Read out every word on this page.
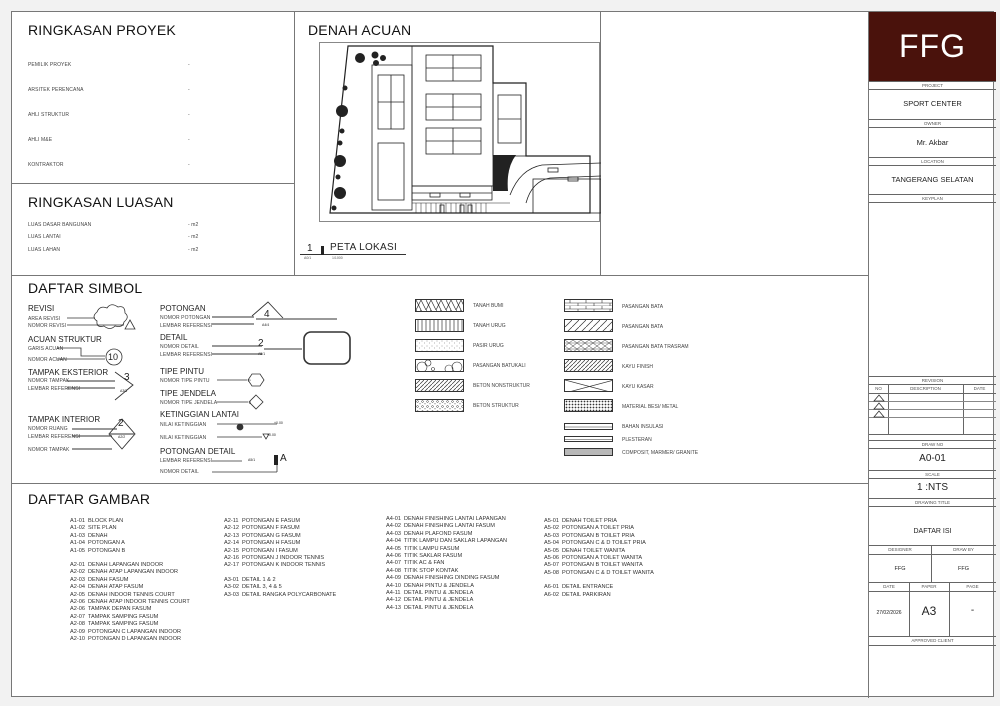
RINGKASAN PROYEK
PEMILIK PROYEK	-
ARSITEK PERENCANA	-
AHLI STRUKTUR	-
AHLI M&E	-
KONTRAKTOR	-
RINGKASAN LUASAN
LUAS DASAR BANGUNAN	- m2
LUAS LANTAI	- m2
LUAS LAHAN	- m2
DENAH ACUAN
1 PETA LOKASI
A0/1	1/1000
DAFTAR SIMBOL
REVISI
AREA REVISI
NOMOR REVISI
ACUAN STRUKTUR
GARIS ACUAN
NOMOR ACUAN	10
TAMPAK EKSTERIOR
NOMOR TAMPAK
LEMBAR REFERENSI
3
A3/3
TAMPAK INTERIOR
NOMOR RUANG
LEMBAR REFERENSI
NOMOR TAMPAK
2
A2/2
POTONGAN
NOMOR POTONGAN
LEMBAR REFERENSI
4
A4/4
DETAIL
NOMOR DETAIL
LEMBAR REFERENSI
2
A5/1
TIPE PINTU
NOMOR TIPE PINTU	P
TIPE JENDELA
NOMOR TIPE JENDELA	J
KETINGGIAN LANTAI
NILAI KETINGGIAN
NILAI KETINGGIAN
+0.00
+0.00
POTONGAN DETAIL
LEMBAR REFERENSI
NOMOR DETAIL
A5/1 A
TANAH BUMI
TANAH URUG
PASIR URUG
PASANGAN BATUKALI
BETON NONSTRUKTUR
BETON STRUKTUR
PASANGAN BATA
PASANGAN BATA
PASANGAN BATA TRASRAM
KAYU FINISH
KAYU KASAR
MATERIAL BESI/ METAL
BAHAN INSULASI
PLESTERAN
COMPOSIT, MARMER/ GRANITE
DAFTAR GAMBAR
A1-01 BLOCK PLAN
A1-02 SITE PLAN
A1-03 DENAH
A1-04 POTONGAN A
A1-05 POTONGAN B
A2-01 DENAH LAPANGAN INDOOR
A2-02 DENAH ATAP LAPANGAN INDOOR
A2-03 DENAH FASUM
A2-04 DENAH ATAP FASUM
A2-05 DENAH INDOOR TENNIS COURT
A2-06 DENAH ATAP INDOOR TENNIS COURT
A2-06 TAMPAK DEPAN FASUM
A2-07 TAMPAK SAMPING FASUM
A2-08 TAMPAK SAMPING FASUM
A2-09 POTONGAN C LAPANGAN INDOOR
A2-10 POTONGAN D LAPANGAN INDOOR
A2-11 POTONGAN E FASUM
A2-12 POTONGAN F FASUM
A2-13 POTONGAN G FASUM
A2-14 POTONGAN H FASUM
A2-15 POTONGAN I FASUM
A2-16 POTONGAN J INDOOR TENNIS
A2-17 POTONGAN K INDOOR TENNIS
A3-01 DETAIL 1 & 2
A3-02 DETAIL 3, 4 & 5
A3-03 DETAIL RANGKA POLYCARBONATE
A4-01 DENAH FINISHING LANTAI LAPANGAN
A4-02 DENAH FINISHING LANTAI FASUM
A4-03 DENAH PLAFOND FASUM
A4-04 TITIK LAMPU DAN SAKLAR LAPANGAN
A4-05 TITIK LAMPU FASUM
A4-06 TITIK SAKLAR FASUM
A4-07 TITIK AC & FAN
A4-08 TITIK STOP KONTAK
A4-09 DENAH FINISHING DINDING FASUM
A4-10 DENAH PINTU & JENDELA
A4-11 DETAIL PINTU & JENDELA
A4-12 DETAIL PINTU & JENDELA
A4-13 DETAIL PINTU & JENDELA
A5-01 DENAH TOILET PRIA
A5-02 POTONGAN A TOILET PRIA
A5-03 POTONGAN B TOILET PRIA
A5-04 POTONGAN C & D TOILET PRIA
A5-05 DENAH TOILET WANITA
A5-06 POTONGAN A TOILET WANITA
A5-07 POTONGAN B TOILET WANITA
A5-08 POTONGAN C & D TOILET WANITA
A6-01 DETAIL ENTRANCE
A6-02 DETAIL PARKIRAN
FFG
PROJECT
SPORT CENTER
OWNER
Mr. Akbar
LOCATION
TANGERANG SELATAN
KEYPLAN
REVISION
NO	DESCRIPTION	DATE
DRAW NO
A0-01
SCALE
1 :NTS
DRAWING TITLE
DAFTAR ISI
DESIGNER	DRAW BY
FFG	FFG
DATE	PAPER	PAGE
27/02/2026	A3	-
APPROVED CLIENT
